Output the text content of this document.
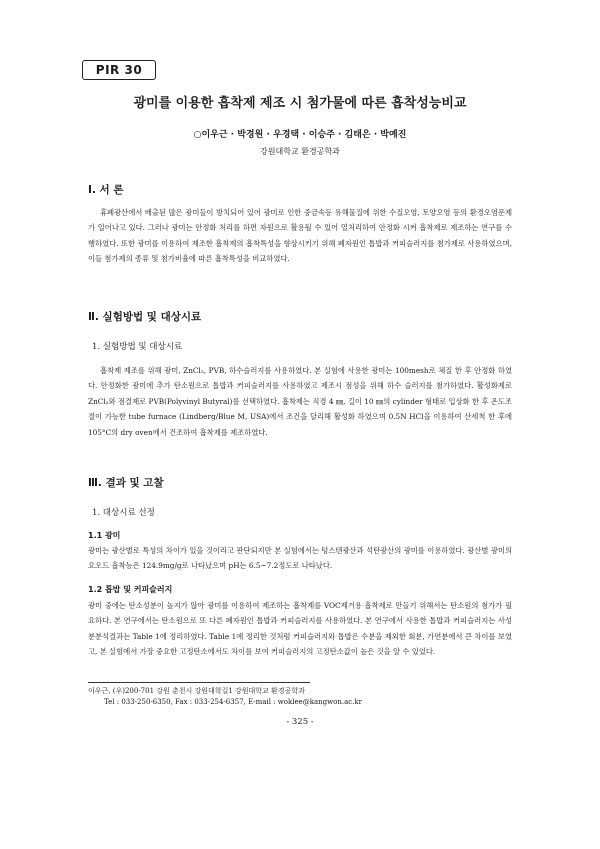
PIR 30
광미를 이용한 흡착제 제조 시 첨가물에 따른 흡착성능비교
○이우근 · 박경원 · 우경택 · 이승주 · 김태은 · 박예진
강원대학교 환경공학과
Ⅰ. 서 론

휴폐광산에서 배출된 많은 광미들이 방치되어 있어 광미로 인한 중금속등 유해물질에 위한 수질오염, 토양오염 등의 환경오염문제가 일어나고 있다. 그러나 광미는 안정화 처리를 하면 자원으로 활용될 수 있어 열처리하여 안정화 시켜 흡착제로 제조하는 연구를 수행하였다. 또한 광미를 이용하여 제조한 흡착제의 흡착특성을 향상시키기 위해 폐자원인 톱밥과 커피슬러지를 첨가제로 사용하였으며, 이들 첨가제의 종류 및 첨가비율에 따른 흡착특성을 비교하였다.

Ⅱ. 실험방법 및 대상시료
1. 실험방법 및 대상시료

흡착제 제조를 위해 광미, ZnCl₂, PVB, 하수슬러지를 사용하였다. 본 실험에 사용한 광미는 100mesh로 체질 한 후 안정화 하였다. 안정화한 광미에 추가 탄소원으로 톱밥과 커피슬러지를 사용하였고 제조시 점성을 위해 하수 슬러지를 첨가하였다. 활성화제로 ZnCl₂와 점결제로 PVB(Polyvinyl Butyral)를 선택하였다. 흡착제는 직경 4 ㎜, 길이 10 ㎜의 cylinder 형태로 입상화 한 후 온도조절이 가능한 tube furnace (Lindberg/Blue M, USA)에서 조건을 달리해 활성화 하였으며 0.5N HCl을 이용하여 산세척 한 후에 105°C의 dry oven에서 건조하여 흡착제를 제조하였다.

Ⅲ. 결과 및 고찰
1. 대상시료 선정
1.1 광미

광미는 광산별로 특성의 차이가 있을 것이라고 판단되지만 본 실험에서는 텅스텐광산과 석탄광산의 광미를 이용하였다. 광산별 광미의 요오드 흡착능은 124.9mg/g로 나타났으며 pH는 6.5~7.2정도로 나타났다.

1.2 톱밥 및 커피슬러지

광미 중에는 탄소성분이 높지가 않아 광미를 이용하여 제조하는 흡착제를 VOC제거용 흡착제로 만들기 위해서는 탄소원의 첨가가 필요하다. 본 연구에서는 탄소원으로 또 다른 폐자원인 톱밥과 커피슬러지를 사용하였다. 본 연구에서 사용한 톱밥과 커피슬러지는 사성분분석결과는 Table 1에 정리하였다. Table 1에 정리한 것처럼 커피슬러지와 톱밥은 수분을 제외한 회분, 가연분에서 큰 차이를 보였고, 본 실험에서 가장 중요한 고정탄소에서도 차이를 보여 커피슬러지의 고정탄소값이 높은 것을 알 수 있었다.

이우근, (우)200-701 강원 춘천시 강원대학길1 강원대학교 환경공학과
Tel : 033-250-6350, Fax : 033-254-6357, E-mail : woklee@kangwon.ac.kr
- 325 -
